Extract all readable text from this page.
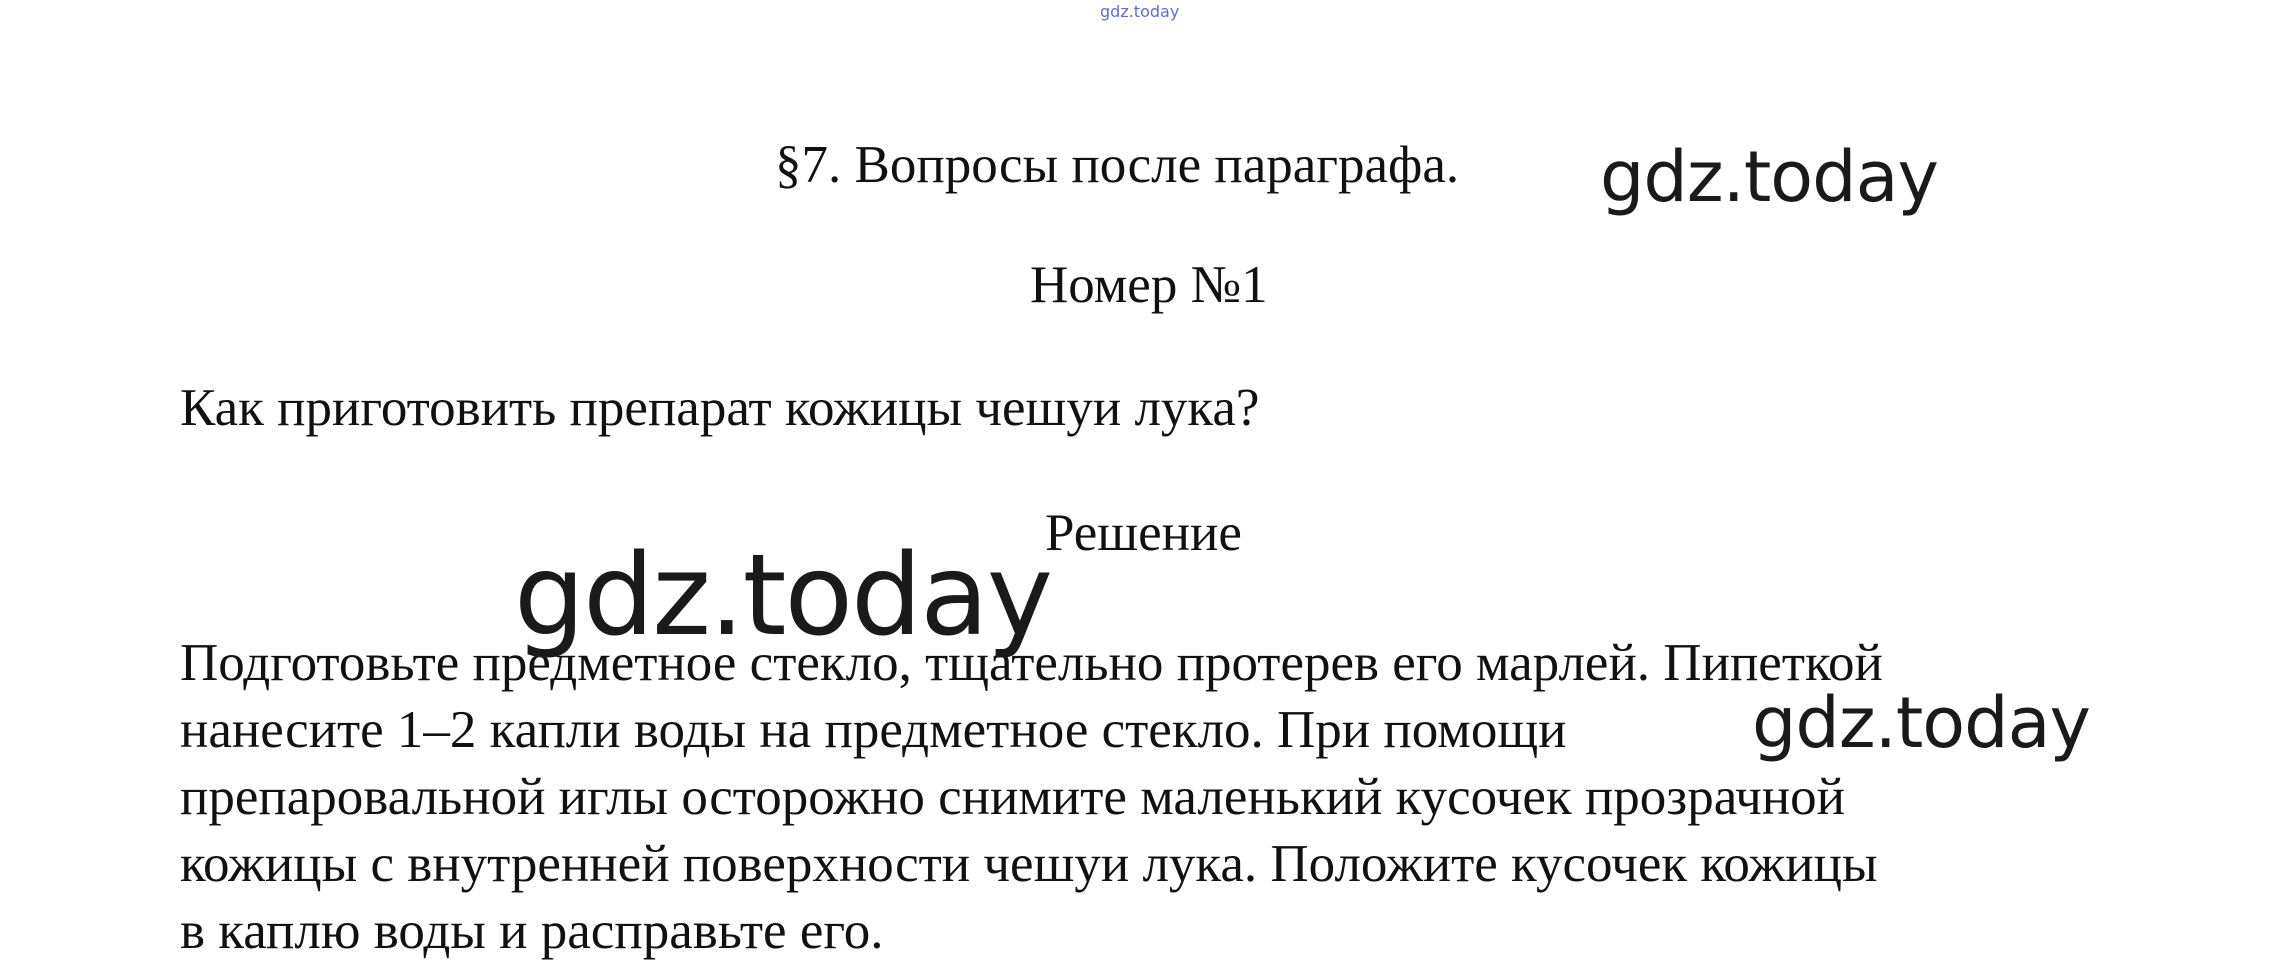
gdz.today
§7. Вопросы после параграфа. gdz.today
Номер №1
Как приготовить препарат кожицы чешуи лука?
Решение
Подготовьте предметное стекло, тщательно протерев его марлей. Пипеткой
нанесите 1–2 капли воды на предметное стекло. При помощи
препаровальной иглы осторожно снимите маленький кусочек прозрачной
кожицы с внутренней поверхности чешуи лука. Положите кусочек кожицы
в каплю воды и расправьте его.
gdz.today
gdz.today
